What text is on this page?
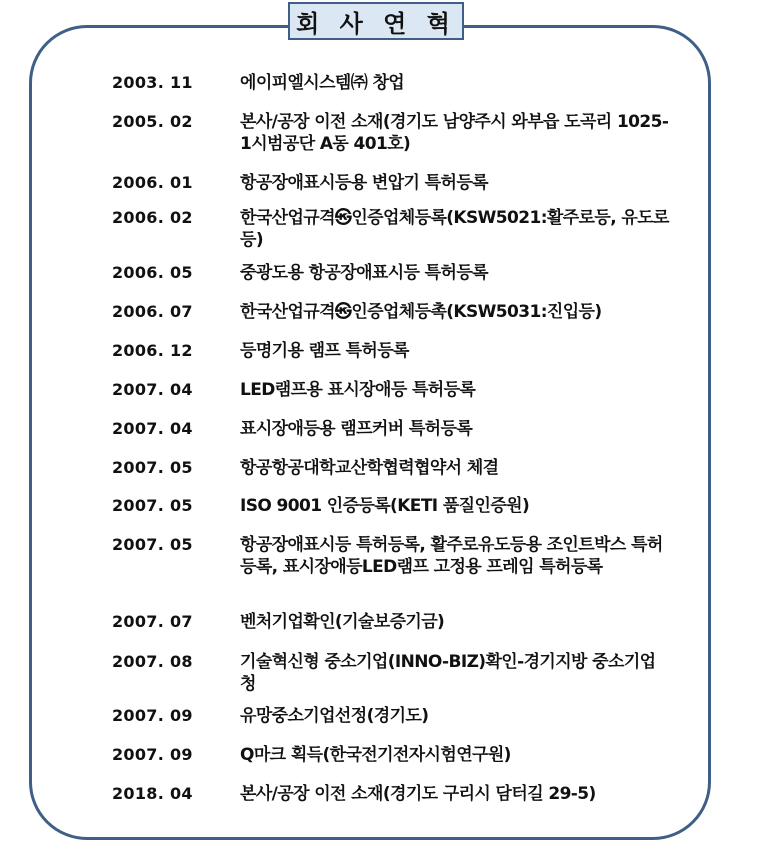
회 사 연 혁
2003. 11	에이피엘시스템㈜ 창업
2005. 02	본사/공장 이전 소재(경기도 남양주시 와부읍 도곡리 1025-1시범공단 A동 401호)
2006. 01	항공장애표시등용 변압기 특허등록
2006. 02	한국산업규격㉿인증업체등록(KSW5021:활주로등, 유도로등)
2006. 05	중광도용 항공장애표시등 특허등록
2006. 07	한국산업규격㉿인증업체등촉(KSW5031:진입등)
2006. 12	등명기용 램프 특허등록
2007. 04	LED램프용 표시장애등 특허등록
2007. 04	표시장애등용 램프커버 특허등록
2007. 05	항공항공대학교산학협력협약서 체결
2007. 05	ISO 9001 인증등록(KETI 품질인증원)
2007. 05	항공장애표시등 특허등록, 활주로유도등용 조인트박스 특허등록, 표시장애등LED램프 고정용 프레임 특허등록
2007. 07	벤처기업확인(기술보증기금)
2007. 08	기술혁신형 중소기업(INNO-BIZ)확인-경기지방 중소기업청
2007. 09	유망중소기업선정(경기도)
2007. 09	Q마크 획득(한국전기전자시험연구원)
2018. 04	본사/공장 이전 소재(경기도 구리시 담터길 29-5)
